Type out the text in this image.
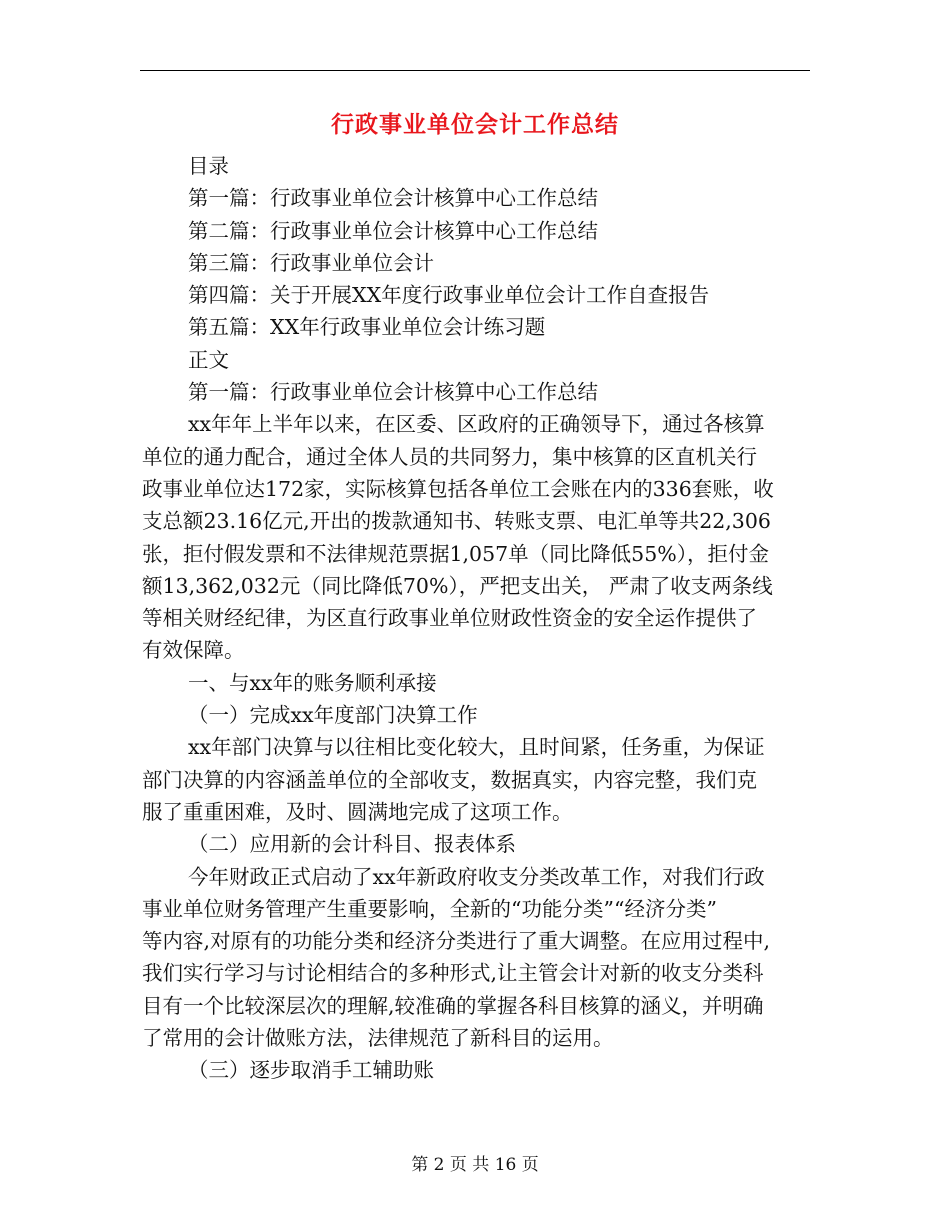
行政事业单位会计工作总结
目录
第一篇：行政事业单位会计核算中心工作总结
第二篇：行政事业单位会计核算中心工作总结
第三篇：行政事业单位会计
第四篇：关于开展XX年度行政事业单位会计工作自查报告
第五篇：XX年行政事业单位会计练习题
正文
第一篇：行政事业单位会计核算中心工作总结
xx年年上半年以来，在区委、区政府的正确领导下，通过各核算
单位的通力配合，通过全体人员的共同努力，集中核算的区直机关行
政事业单位达172家，实际核算包括各单位工会账在内的336套账，收
支总额23.16亿元,开出的拨款通知书、转账支票、电汇单等共22,306
张，拒付假发票和不法律规范票据1,057单（同比降低55%），拒付金
额13,362,032元（同比降低70%），严把支出关， 严肃了收支两条线
等相关财经纪律，为区直行政事业单位财政性资金的安全运作提供了
有效保障。
一、与xx年的账务顺利承接
（一）完成xx年度部门决算工作
xx年部门决算与以往相比变化较大，且时间紧，任务重，为保证
部门决算的内容涵盖单位的全部收支，数据真实，内容完整，我们克
服了重重困难，及时、圆满地完成了这项工作。
（二）应用新的会计科目、报表体系
今年财政正式启动了xx年新政府收支分类改革工作，对我们行政
事业单位财务管理产生重要影响，全新的“功能分类”“经济分类”
等内容,对原有的功能分类和经济分类进行了重大调整。在应用过程中,
我们实行学习与讨论相结合的多种形式,让主管会计对新的收支分类科
目有一个比较深层次的理解,较准确的掌握各科目核算的涵义，并明确
了常用的会计做账方法，法律规范了新科目的运用。
（三）逐步取消手工辅助账
第 2 页 共 16 页
